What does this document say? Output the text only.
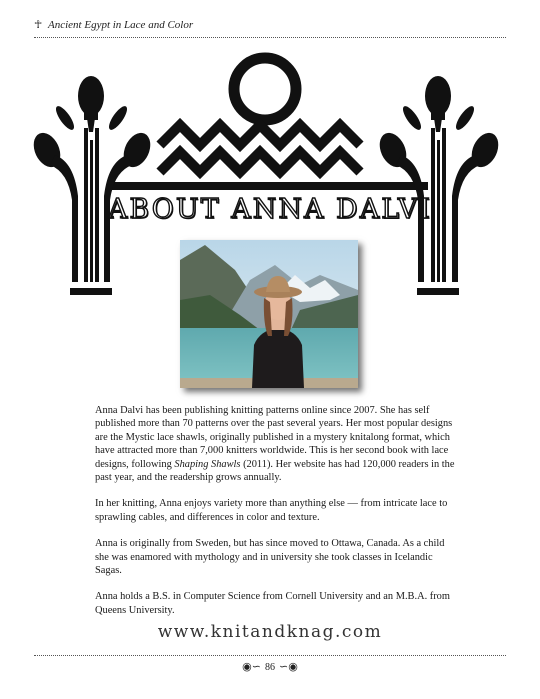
☥ Ancient Egypt in Lace and Color
ABOUT ANNA DALVI

Anna Dalvi has been publishing knitting patterns online since 2007. She has self published more than 70 patterns over the past several years. Her most popular designs are the Mystic lace shawls, originally published in a mystery knitalong format, which have attracted more than 7,000 knitters worldwide. This is her second book with lace designs, following Shaping Shawls (2011). Her website has had 120,000 readers in the past year, and the readership grows annually.

In her knitting, Anna enjoys variety more than anything else — from intricate lace to sprawling cables, and differences in color and texture.

Anna is originally from Sweden, but has since moved to Ottawa, Canada. As a child she was enamored with mythology and in university she took classes in Icelandic Sagas.

Anna holds a B.S. in Computer Science from Cornell University and an M.B.A. from Queens University.

www.knitandknag.com
◉∽ 86 ∽◉
